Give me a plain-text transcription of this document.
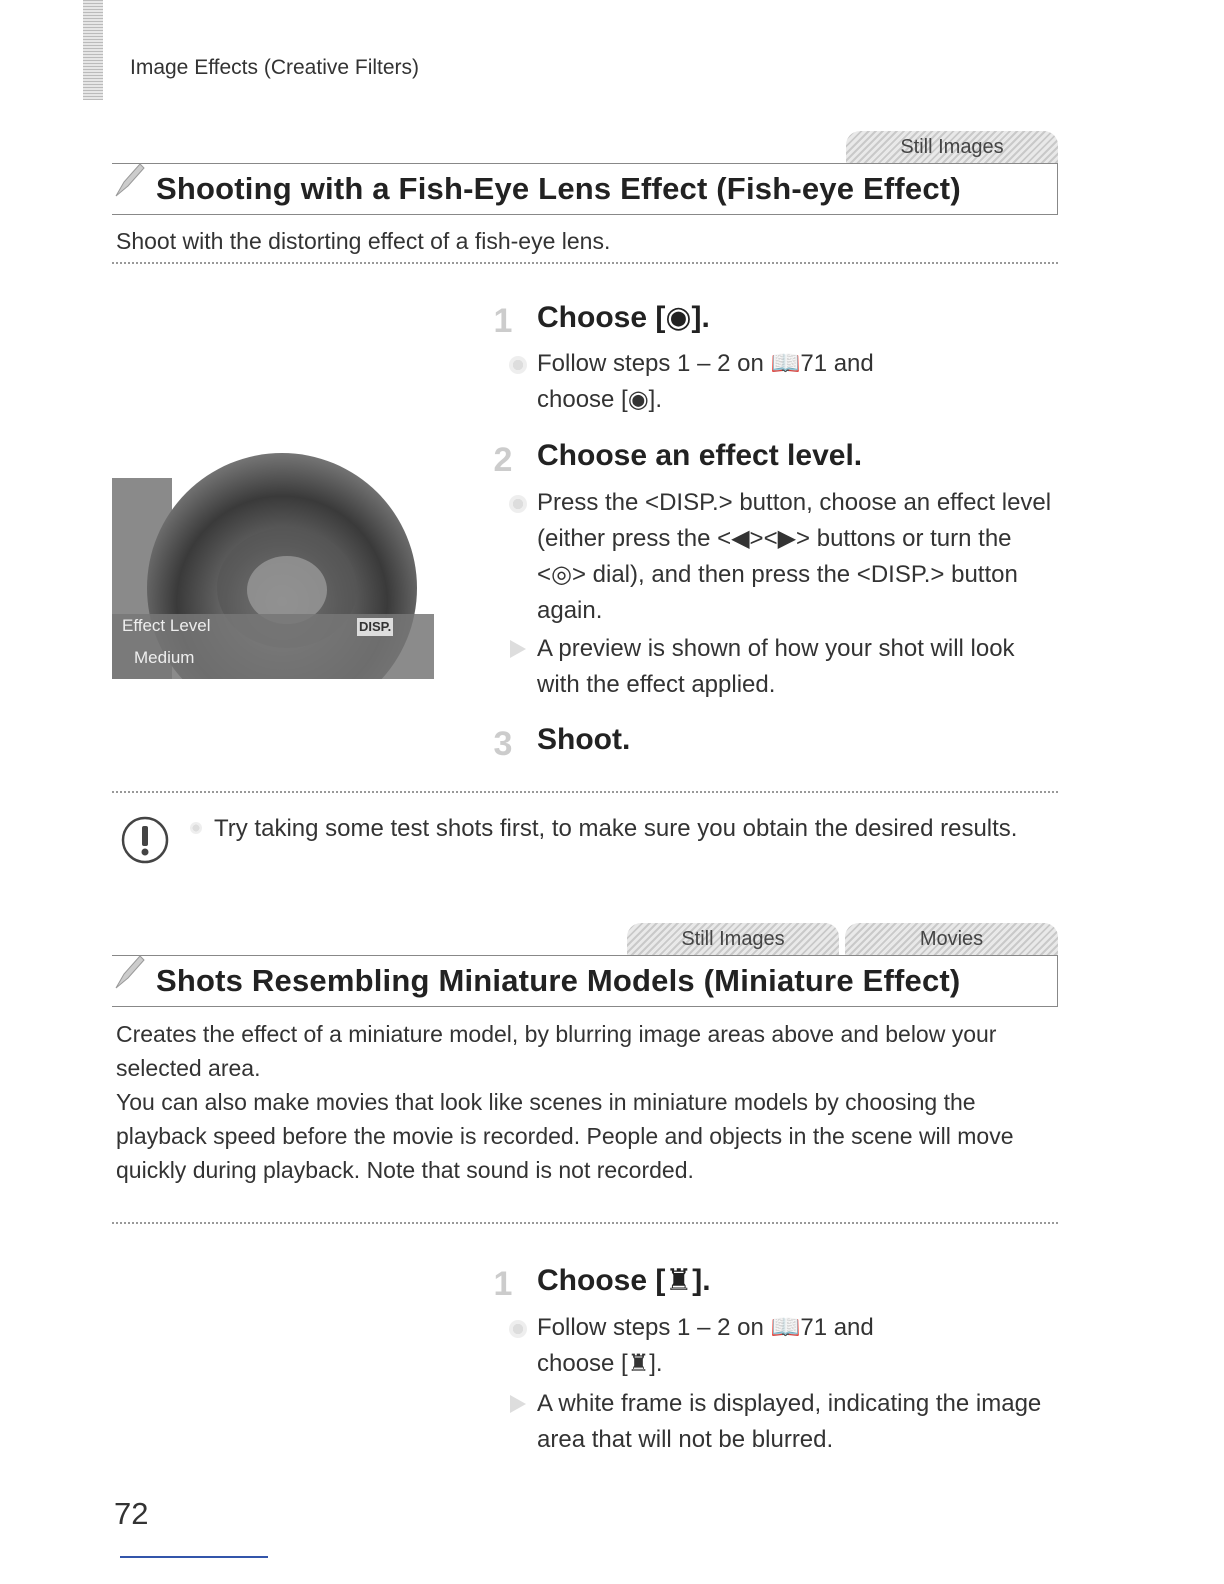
Image Effects (Creative Filters)
Still Images
Shooting with a Fish-Eye Lens Effect (Fish-eye Effect)
Shoot with the distorting effect of a fish-eye lens.
Effect Level
Medium
DISP.
1 Choose [◉].
Follow steps 1 – 2 on 📖71 and choose [◉].
2 Choose an effect level.
Press the <DISP.> button, choose an effect level (either press the <◀><▶> buttons or turn the <◎> dial), and then press the <DISP.> button again.
A preview is shown of how your shot will look with the effect applied.
3 Shoot.
Try taking some test shots first, to make sure you obtain the desired results.
Still Images	Movies
Shots Resembling Miniature Models (Miniature Effect)
Creates the effect of a miniature model, by blurring image areas above and below your selected area.
You can also make movies that look like scenes in miniature models by choosing the playback speed before the movie is recorded. People and objects in the scene will move quickly during playback. Note that sound is not recorded.
1 Choose [♜].
Follow steps 1 – 2 on 📖71 and choose [♜].
A white frame is displayed, indicating the image area that will not be blurred.
72
